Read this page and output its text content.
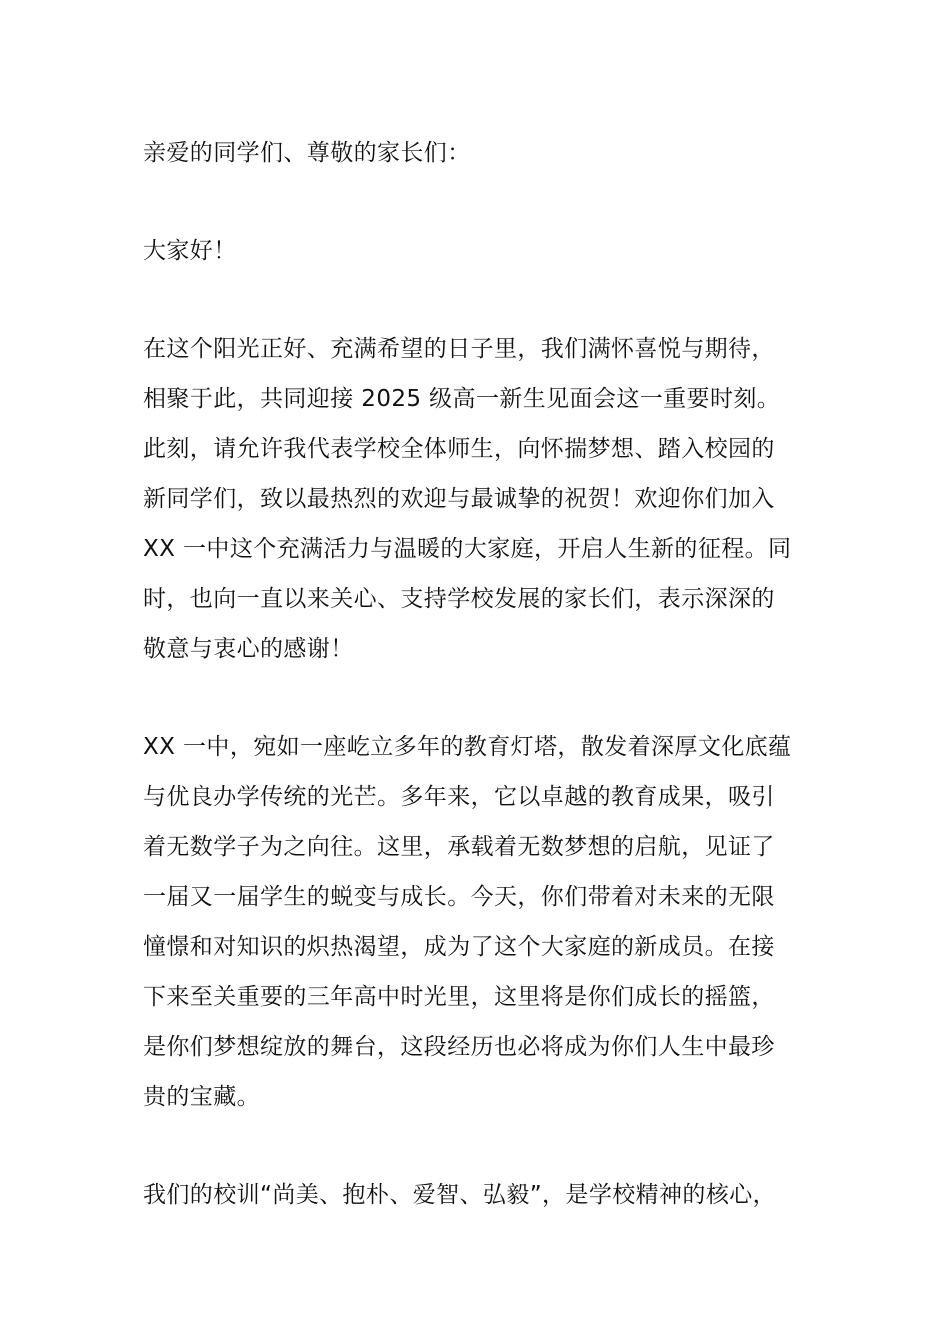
亲爱的同学们、尊敬的家长们：

大家好！

在这个阳光正好、充满希望的日子里，我们满怀喜悦与期待，
相聚于此，共同迎接 2025 级高一新生见面会这一重要时刻。
此刻，请允许我代表学校全体师生，向怀揣梦想、踏入校园的
新同学们，致以最热烈的欢迎与最诚挚的祝贺！欢迎你们加入
XX 一中这个充满活力与温暖的大家庭，开启人生新的征程。同
时，也向一直以来关心、支持学校发展的家长们，表示深深的
敬意与衷心的感谢！

XX 一中，宛如一座屹立多年的教育灯塔，散发着深厚文化底蕴
与优良办学传统的光芒。多年来，它以卓越的教育成果，吸引
着无数学子为之向往。这里，承载着无数梦想的启航，见证了
一届又一届学生的蜕变与成长。今天，你们带着对未来的无限
憧憬和对知识的炽热渴望，成为了这个大家庭的新成员。在接
下来至关重要的三年高中时光里，这里将是你们成长的摇篮，
是你们梦想绽放的舞台，这段经历也必将成为你们人生中最珍
贵的宝藏。

我们的校训“尚美、抱朴、爱智、弘毅”，是学校精神的核心，
